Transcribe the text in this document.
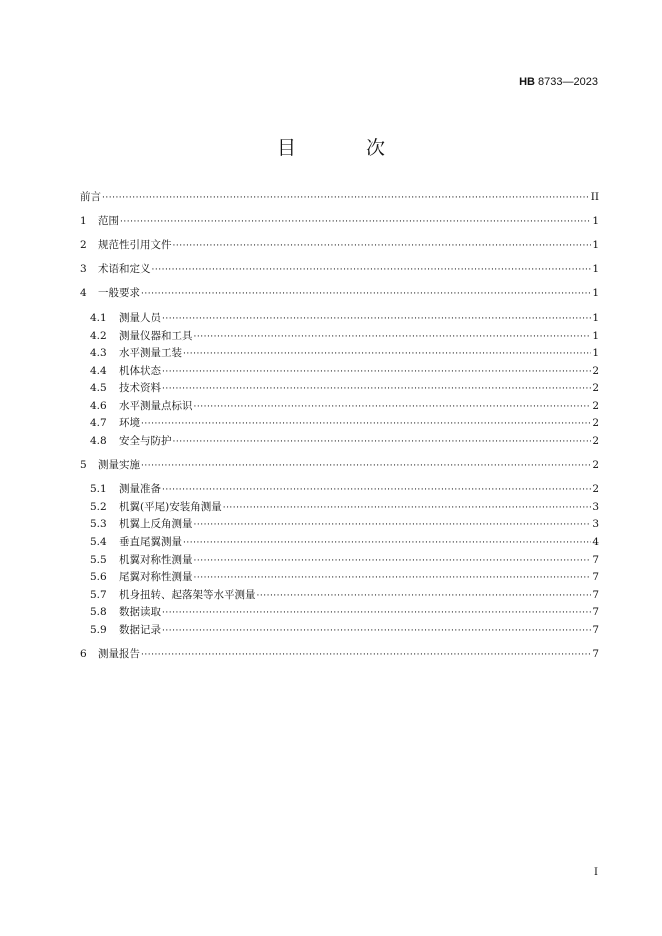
HB 8733—2023
目 次
前言 ·····	II
1	范围 ·····	1
2	规范性引用文件 ·····	1
3	术语和定义 ·····	1
4	一般要求 ·····	1
4.1	测量人员 ·····	1
4.2	测量仪器和工具 ·····	1
4.3	水平测量工装 ·····	1
4.4	机体状态 ·····	2
4.5	技术资料 ·····	2
4.6	水平测量点标识 ·····	2
4.7	环境 ·····	2
4.8	安全与防护 ·····	2
5	测量实施 ·····	2
5.1	测量准备 ·····	2
5.2	机翼(平尾)安装角测量 ·····	3
5.3	机翼上反角测量 ·····	3
5.4	垂直尾翼测量 ·····	4
5.5	机翼对称性测量 ·····	7
5.6	尾翼对称性测量 ·····	7
5.7	机身扭转、起落架等水平测量 ·····	7
5.8	数据读取 ·····	7
5.9	数据记录 ·····	7
6	测量报告 ·····	7
I
